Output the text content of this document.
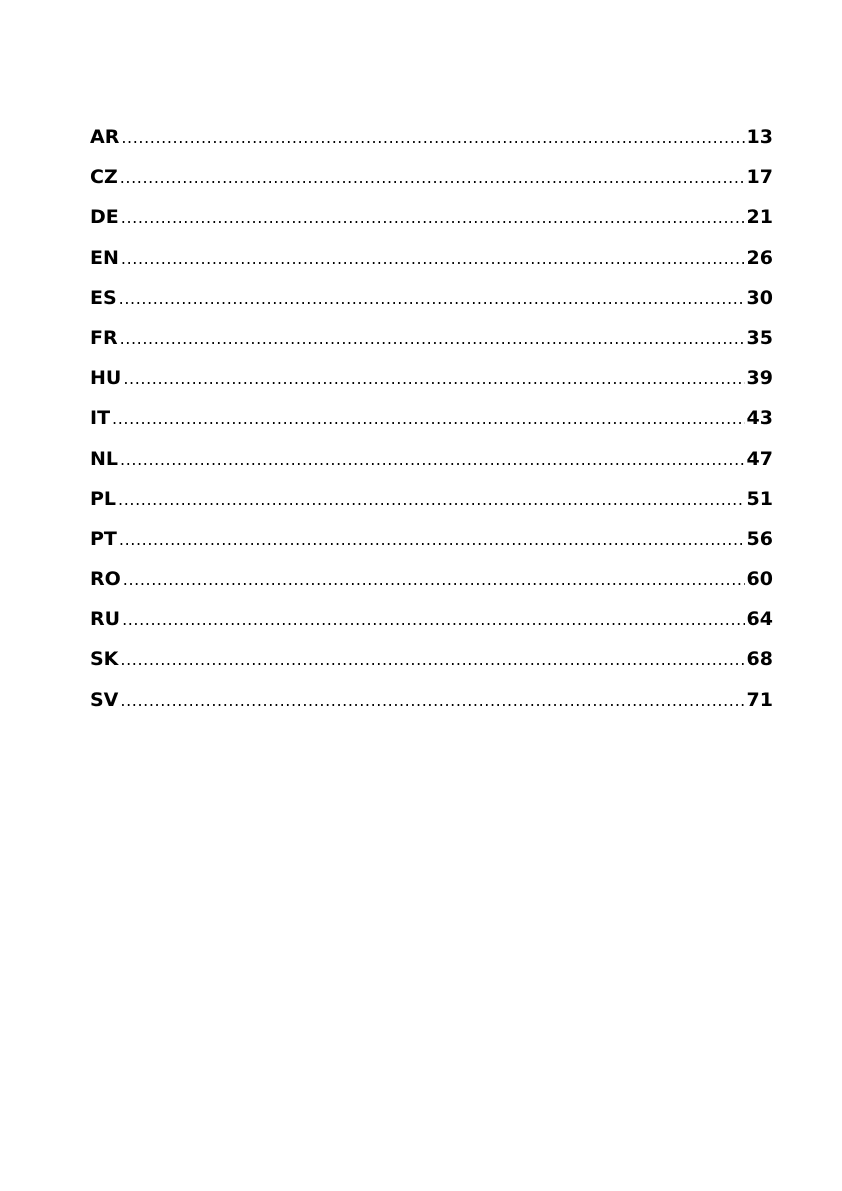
AR .....	13
CZ .....	17
DE .....	21
EN .....	26
ES .....	30
FR .....	35
HU .....	39
IT .....	43
NL .....	47
PL .....	51
PT .....	56
RO .....	60
RU .....	64
SK .....	68
SV .....	71
